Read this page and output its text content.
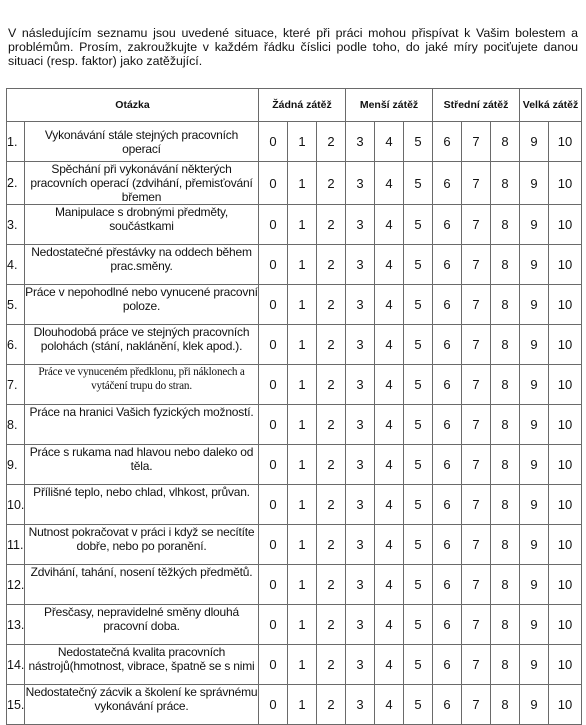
V následujícím seznamu jsou uvedené situace, které při práci mohou přispívat k Vašim bolestem a problémům. Prosím, zakroužkujte v každém řádku číslici podle toho, do jaké míry pociťujete danou situaci (resp. faktor) jako zatěžující.

Otázka		Žádná zátěž			Menší zátěž			Střední zátěž			Velká zátěž	
1.	Vykonávání stále stejných pracovních operací	0	1	2	3	4	5	6	7	8	9	10
2.	Spěchání při vykonávání některých pracovních operací (zdvihání, přemisťování břemen	0	1	2	3	4	5	6	7	8	9	10
3.	Manipulace s drobnými předměty, součástkami	0	1	2	3	4	5	6	7	8	9	10
4.	Nedostatečné přestávky na oddech během prac.směny.	0	1	2	3	4	5	6	7	8	9	10
5.	Práce v nepohodlné nebo vynucené pracovní poloze.	0	1	2	3	4	5	6	7	8	9	10
6.	Dlouhodobá práce ve stejných pracovních polohách (stání, naklánění, klek apod.).	0	1	2	3	4	5	6	7	8	9	10
7.	Práce ve vynuceném předklonu, při náklonech a vytáčení trupu do stran.	0	1	2	3	4	5	6	7	8	9	10
8.	Práce na hranici Vašich fyzických možností.	0	1	2	3	4	5	6	7	8	9	10
9.	Práce s rukama nad hlavou nebo daleko od těla.	0	1	2	3	4	5	6	7	8	9	10
10.	Přílišné teplo, nebo chlad, vlhkost, průvan.	0	1	2	3	4	5	6	7	8	9	10
11.	Nutnost pokračovat v práci i když se necítíte dobře, nebo po poranění.	0	1	2	3	4	5	6	7	8	9	10
12.	Zdvihání, tahání, nosení těžkých předmětů.	0	1	2	3	4	5	6	7	8	9	10
13.	Přesčasy, nepravidelné směny dlouhá pracovní doba.	0	1	2	3	4	5	6	7	8	9	10
14.	Nedostatečná kvalita pracovních nástrojů(hmotnost, vibrace, špatně se s nimi	0	1	2	3	4	5	6	7	8	9	10
15.	Nedostatečný zácvik a školení ke správnému vykonávání práce.	0	1	2	3	4	5	6	7	8	9	10
